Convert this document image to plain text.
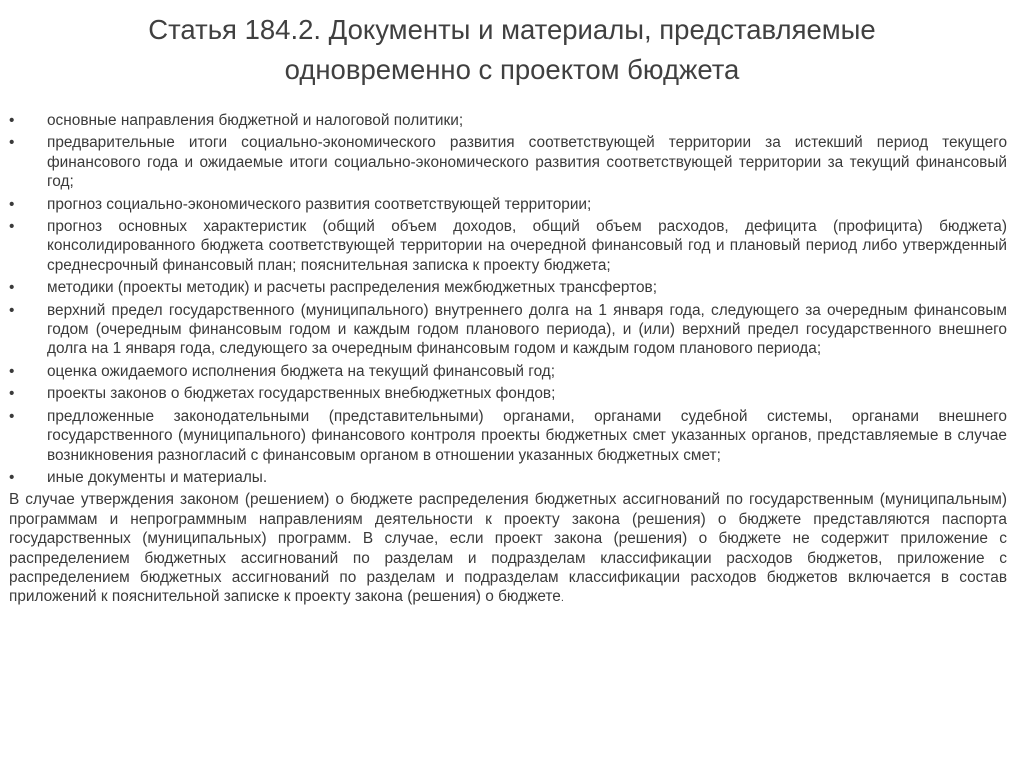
Статья 184.2. Документы и материалы, представляемые
одновременно с проектом бюджета
•	основные направления бюджетной и налоговой политики;
•	предварительные итоги социально-экономического развития соответствующей территории за истекший период текущего финансового года и ожидаемые итоги социально-экономического развития соответствующей территории за текущий финансовый год;
•	прогноз социально-экономического развития соответствующей территории;
•	прогноз основных характеристик (общий объем доходов, общий объем расходов, дефицита (профицита) бюджета) консолидированного бюджета соответствующей территории на очередной финансовый год и плановый период либо утвержденный среднесрочный финансовый план; пояснительная записка к проекту бюджета;
•	методики (проекты методик) и расчеты распределения межбюджетных трансфертов;
•	верхний предел государственного (муниципального) внутреннего долга на 1 января года, следующего за очередным финансовым годом (очередным финансовым годом и каждым годом планового периода), и (или) верхний предел государственного внешнего долга на 1 января года, следующего за очередным финансовым годом и каждым годом планового периода;
•	оценка ожидаемого исполнения бюджета на текущий финансовый год;
•	проекты законов о бюджетах государственных внебюджетных фондов;
•	предложенные законодательными (представительными) органами, органами судебной системы, органами внешнего государственного (муниципального) финансового контроля проекты бюджетных смет указанных органов, представляемые в случае возникновения разногласий с финансовым органом в отношении указанных бюджетных смет;
•	иные документы и материалы.

В случае утверждения законом (решением) о бюджете распределения бюджетных ассигнований по государственным (муниципальным) программам и непрограммным направлениям деятельности к проекту закона (решения) о бюджете представляются паспорта государственных (муниципальных) программ. В случае, если проект закона (решения) о бюджете не содержит приложение с распределением бюджетных ассигнований по разделам и подразделам классификации расходов бюджетов, приложение с распределением бюджетных ассигнований по разделам и подразделам классификации расходов бюджетов включается в состав приложений к пояснительной записке к проекту закона (решения) о бюджете.
